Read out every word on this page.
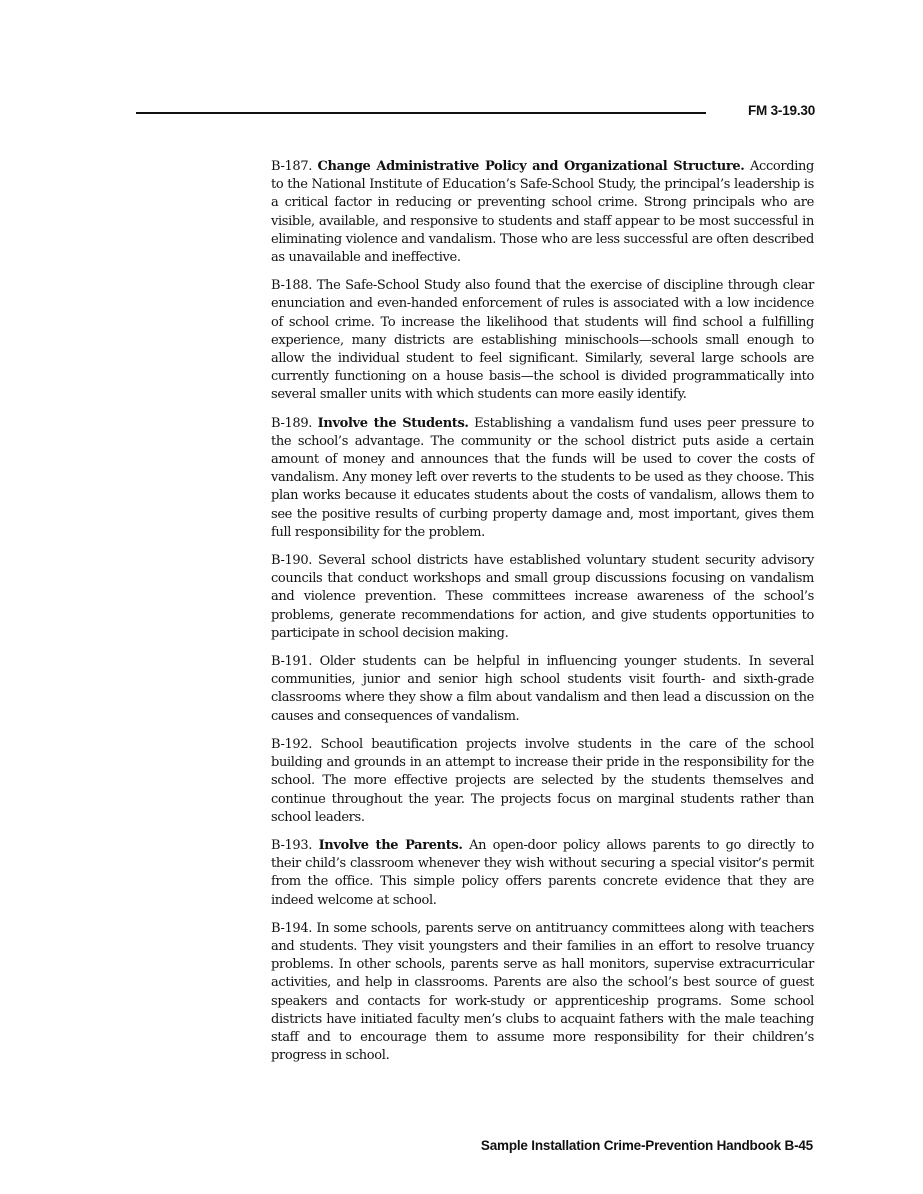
FM 3-19.30

B-187. Change Administrative Policy and Organizational Structure. According to the National Institute of Education’s Safe-School Study, the principal’s leadership is a critical factor in reducing or preventing school crime. Strong principals who are visible, available, and responsive to students and staff appear to be most successful in eliminating violence and vandalism. Those who are less successful are often described as unavailable and ineffective.

B-188. The Safe-School Study also found that the exercise of discipline through clear enunciation and even-handed enforcement of rules is associated with a low incidence of school crime. To increase the likelihood that students will find school a fulfilling experience, many districts are establishing minischools—schools small enough to allow the individual student to feel significant. Similarly, several large schools are currently functioning on a house basis—the school is divided programmatically into several smaller units with which students can more easily identify.

B-189. Involve the Students. Establishing a vandalism fund uses peer pressure to the school’s advantage. The community or the school district puts aside a certain amount of money and announces that the funds will be used to cover the costs of vandalism. Any money left over reverts to the students to be used as they choose. This plan works because it educates students about the costs of vandalism, allows them to see the positive results of curbing property damage and, most important, gives them full responsibility for the problem.

B-190. Several school districts have established voluntary student security advisory councils that conduct workshops and small group discussions focusing on vandalism and violence prevention. These committees increase awareness of the school’s problems, generate recommendations for action, and give students opportunities to participate in school decision making.

B-191. Older students can be helpful in influencing younger students. In several communities, junior and senior high school students visit fourth- and sixth-grade classrooms where they show a film about vandalism and then lead a discussion on the causes and consequences of vandalism.

B-192. School beautification projects involve students in the care of the school building and grounds in an attempt to increase their pride in the responsibility for the school. The more effective projects are selected by the students themselves and continue throughout the year. The projects focus on marginal students rather than school leaders.

B-193. Involve the Parents. An open-door policy allows parents to go directly to their child’s classroom whenever they wish without securing a special visitor’s permit from the office. This simple policy offers parents concrete evidence that they are indeed welcome at school.

B-194. In some schools, parents serve on antitruancy committees along with teachers and students. They visit youngsters and their families in an effort to resolve truancy problems. In other schools, parents serve as hall monitors, supervise extracurricular activities, and help in classrooms. Parents are also the school’s best source of guest speakers and contacts for work-study or apprenticeship programs. Some school districts have initiated faculty men’s clubs to acquaint fathers with the male teaching staff and to encourage them to assume more responsibility for their children’s progress in school.

Sample Installation Crime-Prevention Handbook B-45
